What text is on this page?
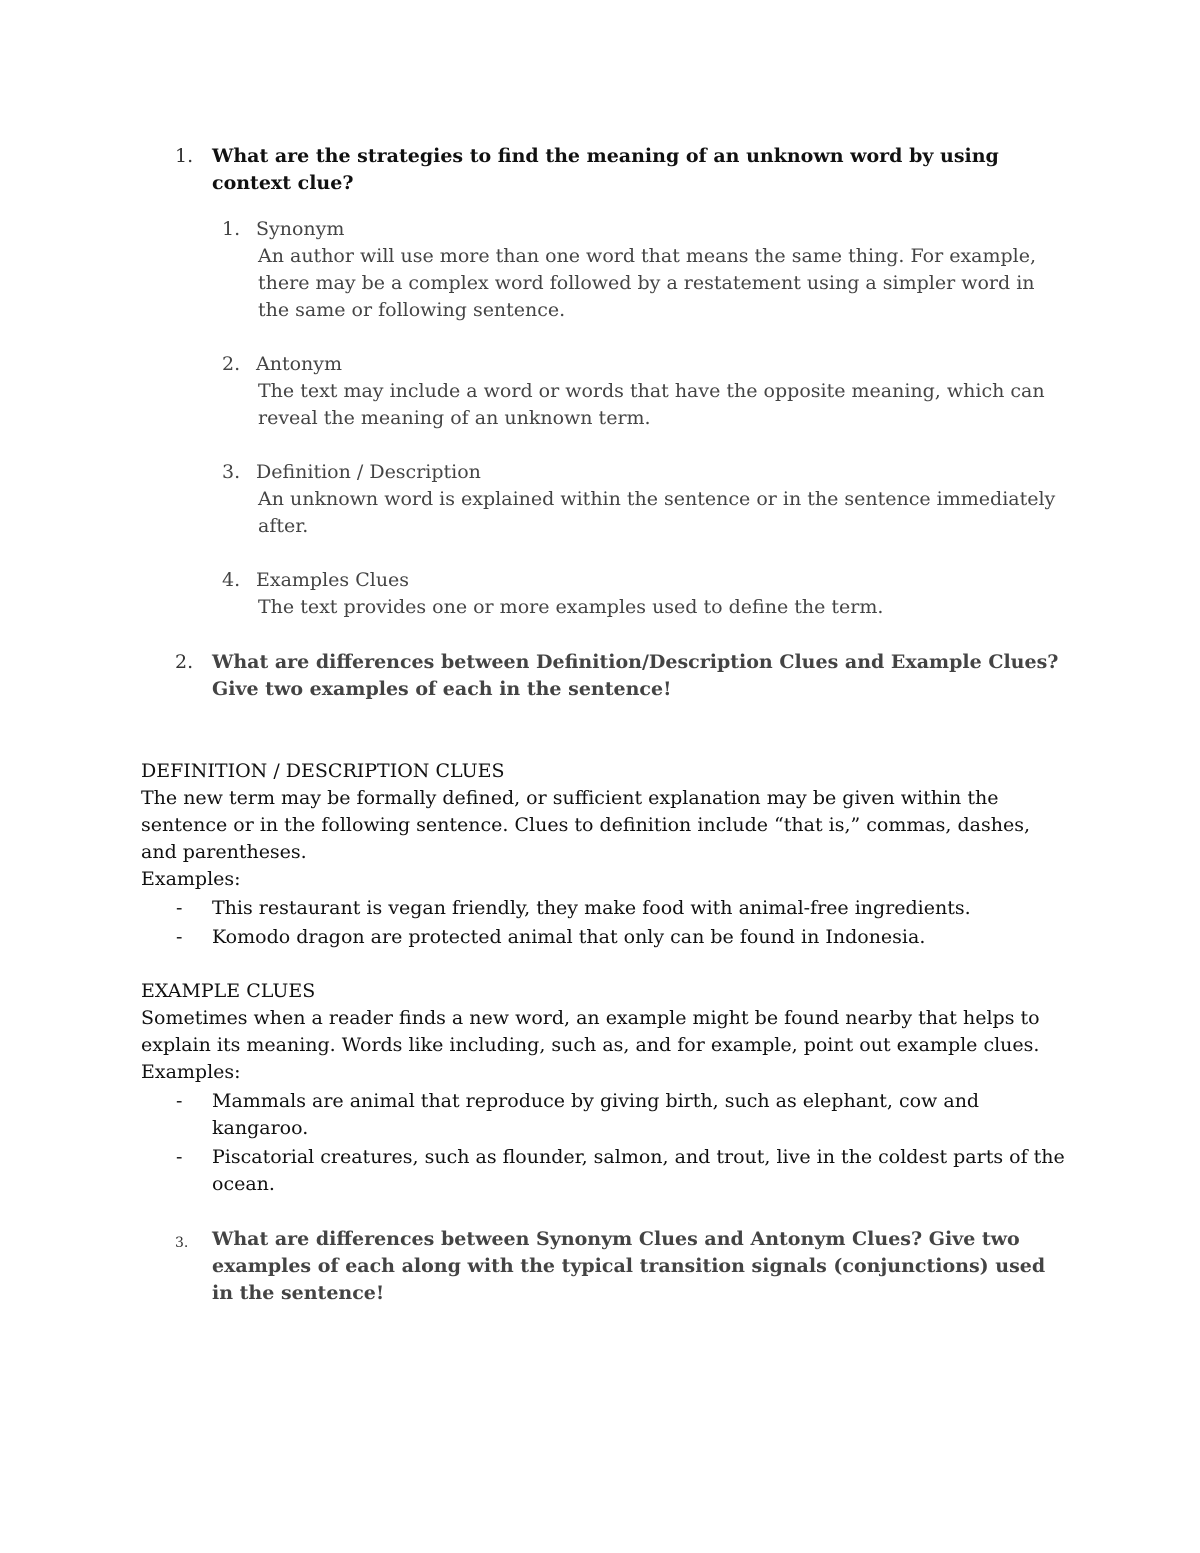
1. What are the strategies to find the meaning of an unknown word by using context clue?
1. Synonym
An author will use more than one word that means the same thing. For example, there may be a complex word followed by a restatement using a simpler word in the same or following sentence.
2. Antonym
The text may include a word or words that have the opposite meaning, which can reveal the meaning of an unknown term.
3. Definition / Description
An unknown word is explained within the sentence or in the sentence immediately after.
4. Examples Clues
The text provides one or more examples used to define the term.
2. What are differences between Definition/Description Clues and Example Clues? Give two examples of each in the sentence!
DEFINITION / DESCRIPTION CLUES
The new term may be formally defined, or sufficient explanation may be given within the sentence or in the following sentence. Clues to definition include “that is,” commas, dashes, and parentheses.
Examples:
- This restaurant is vegan friendly, they make food with animal-free ingredients.
- Komodo dragon are protected animal that only can be found in Indonesia.
EXAMPLE CLUES
Sometimes when a reader finds a new word, an example might be found nearby that helps to explain its meaning. Words like including, such as, and for example, point out example clues.
Examples:
- Mammals are animal that reproduce by giving birth, such as elephant, cow and kangaroo.
- Piscatorial creatures, such as flounder, salmon, and trout, live in the coldest parts of the ocean.
3. What are differences between Synonym Clues and Antonym Clues? Give two examples of each along with the typical transition signals (conjunctions) used in the sentence!
